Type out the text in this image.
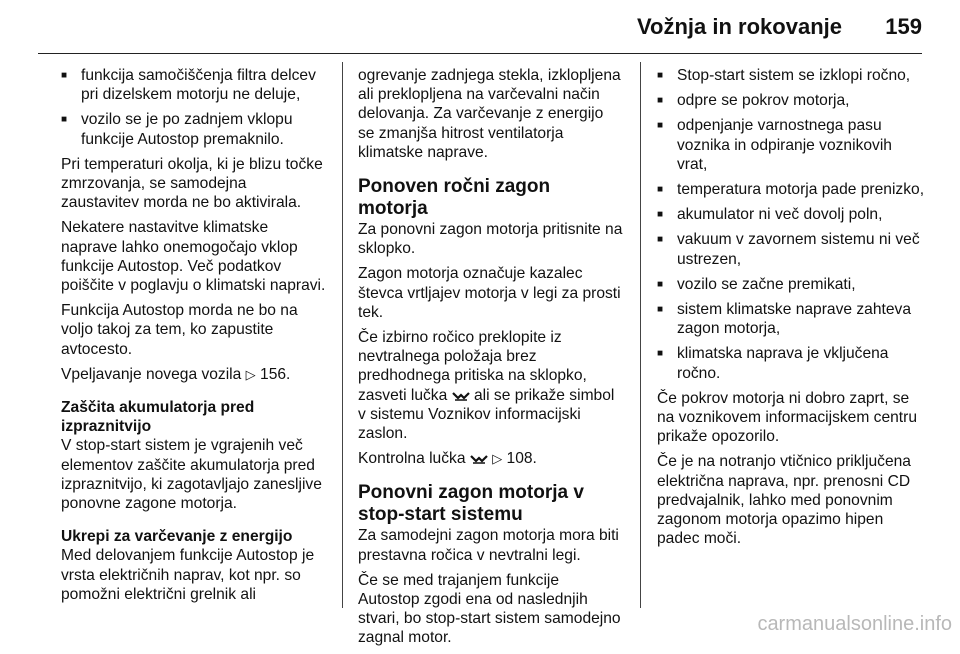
Vožnja in rokovanje 159
■ funkcija samočiščenja filtra delcev pri dizelskem motorju ne deluje,
■ vozilo se je po zadnjem vklopu funkcije Autostop premaknilo.

Pri temperaturi okolja, ki je blizu točke zmrzovanja, se samodejna zaustavitev morda ne bo aktivirala.

Nekatere nastavitve klimatske naprave lahko onemogočajo vklop funkcije Autostop. Več podatkov poiščite v poglavju o klimatski napravi.

Funkcija Autostop morda ne bo na voljo takoj za tem, ko zapustite avtocesto.

Vpeljavanje novega vozila ▷ 156.

Zaščita akumulatorja pred izpraznitvijo

V stop-start sistem je vgrajenih več elementov zaščite akumulatorja pred izpraznitvijo, ki zagotavljajo zanesljive ponovne zagone motorja.

Ukrepi za varčevanje z energijo

Med delovanjem funkcije Autostop je vrsta električnih naprav, kot npr. so pomožni električni grelnik ali

ogrevanje zadnjega stekla, izklopljena ali preklopljena na varčevalni način delovanja. Za varčevanje z energijo se zmanjša hitrost ventilatorja klimatske naprave.

Ponoven ročni zagon motorja

Za ponovni zagon motorja pritisnite na sklopko.

Zagon motorja označuje kazalec števca vrtljajev motorja v legi za prosti tek.

Če izbirno ročico preklopite iz nevtralnega položaja brez predhodnega pritiska na sklopko, zasveti lučka ali se prikaže simbol v sistemu Voznikov informacijski zaslon.

Kontrolna lučka ▷ 108.

Ponovni zagon motorja v stop-start sistemu

Za samodejni zagon motorja mora biti prestavna ročica v nevtralni legi.

Če se med trajanjem funkcije Autostop zgodi ena od naslednjih stvari, bo stop-start sistem samodejno zagnal motor.

■ Stop-start sistem se izklopi ročno,
■ odpre se pokrov motorja,
■ odpenjanje varnostnega pasu voznika in odpiranje voznikovih vrat,
■ temperatura motorja pade prenizko,
■ akumulator ni več dovolj poln,
■ vakuum v zavornem sistemu ni več ustrezen,
■ vozilo se začne premikati,
■ sistem klimatske naprave zahteva zagon motorja,
■ klimatska naprava je vključena ročno.

Če pokrov motorja ni dobro zaprt, se na voznikovem informacijskem centru prikaže opozorilo.

Če je na notranjo vtičnico priključena električna naprava, npr. prenosni CD predvajalnik, lahko med ponovnim zagonom motorja opazimo hipen padec moči.

carmanualsonline.info
